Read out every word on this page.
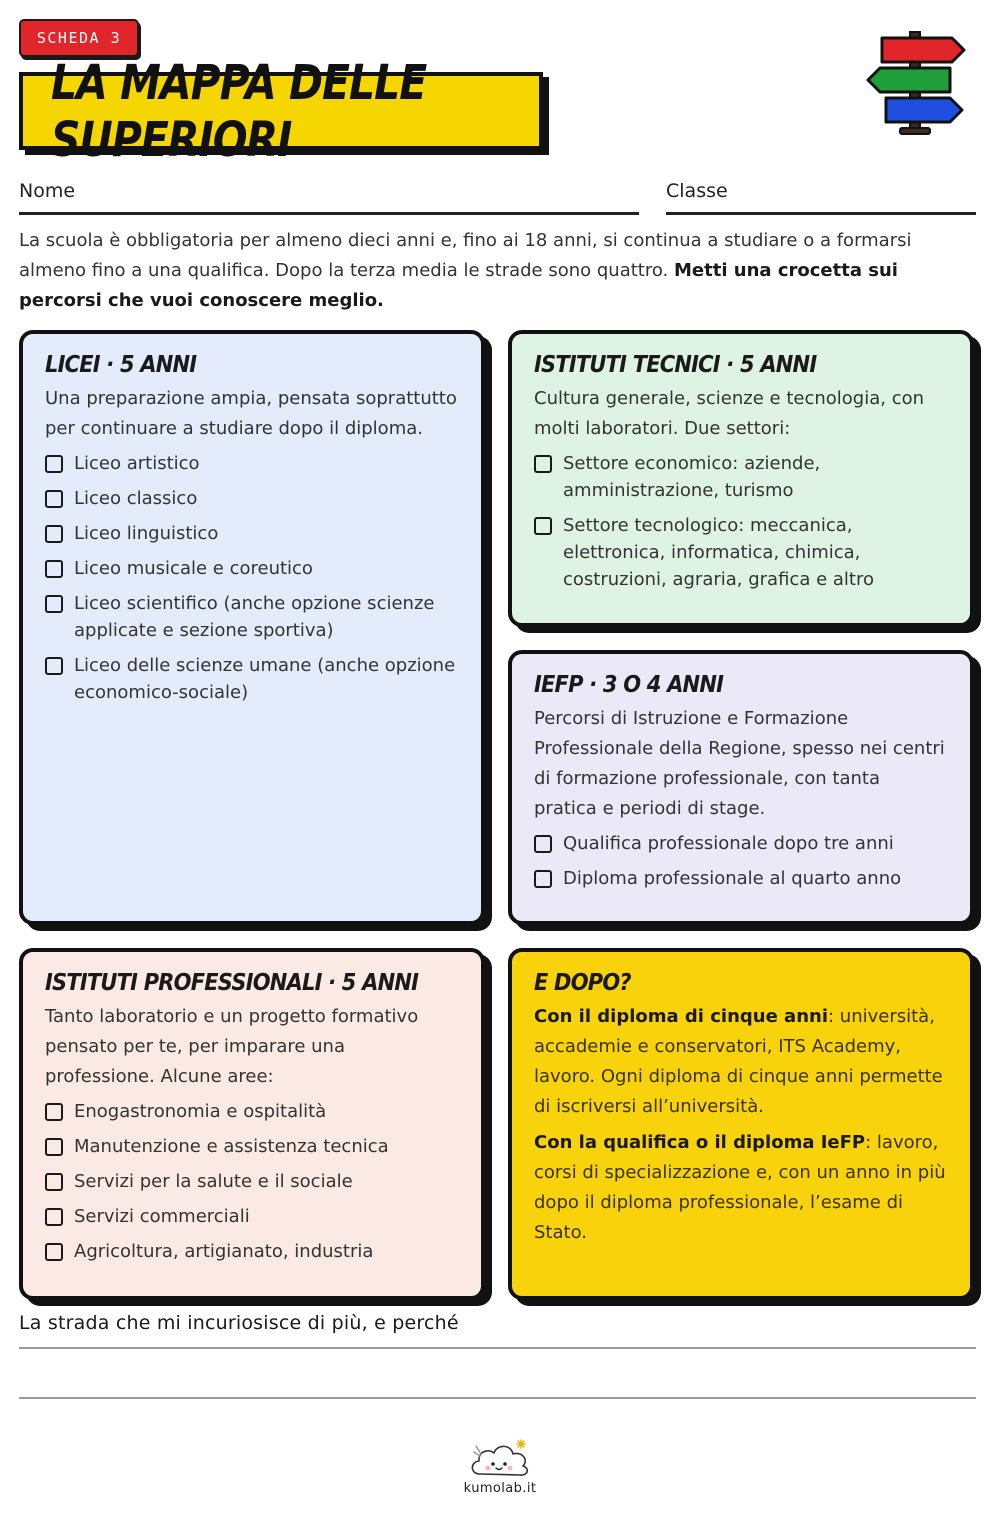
SCHEDA 3
LA MAPPA DELLE SUPERIORI
Nome	Classe
La scuola è obbligatoria per almeno dieci anni e, fino ai 18 anni, si continua a studiare o a formarsi almeno fino a una qualifica. Dopo la terza media le strade sono quattro. Metti una crocetta sui percorsi che vuoi conoscere meglio.
LICEI · 5 ANNI

Una preparazione ampia, pensata soprattutto per continuare a studiare dopo il diploma.

Liceo artistico
Liceo classico
Liceo linguistico
Liceo musicale e coreutico
Liceo scientifico (anche opzione scienze applicate e sezione sportiva)
Liceo delle scienze umane (anche opzione economico-sociale)
ISTITUTI TECNICI · 5 ANNI

Cultura generale, scienze e tecnologia, con molti laboratori. Due settori:

Settore economico: aziende, amministrazione, turismo
Settore tecnologico: meccanica, elettronica, informatica, chimica, costruzioni, agraria, grafica e altro
IEFP · 3 O 4 ANNI

Percorsi di Istruzione e Formazione Professionale della Regione, spesso nei centri di formazione professionale, con tanta pratica e periodi di stage.

Qualifica professionale dopo tre anni
Diploma professionale al quarto anno
ISTITUTI PROFESSIONALI · 5 ANNI

Tanto laboratorio e un progetto formativo pensato per te, per imparare una professione. Alcune aree:

Enogastronomia e ospitalità
Manutenzione e assistenza tecnica
Servizi per la salute e il sociale
Servizi commerciali
Agricoltura, artigianato, industria
E DOPO?

Con il diploma di cinque anni: università, accademie e conservatori, ITS Academy, lavoro. Ogni diploma di cinque anni permette di iscriversi all’università.

Con la qualifica o il diploma IeFP: lavoro, corsi di specializzazione e, con un anno in più dopo il diploma professionale, l’esame di Stato.

La strada che mi incuriosisce di più, e perché
kumolab.it
